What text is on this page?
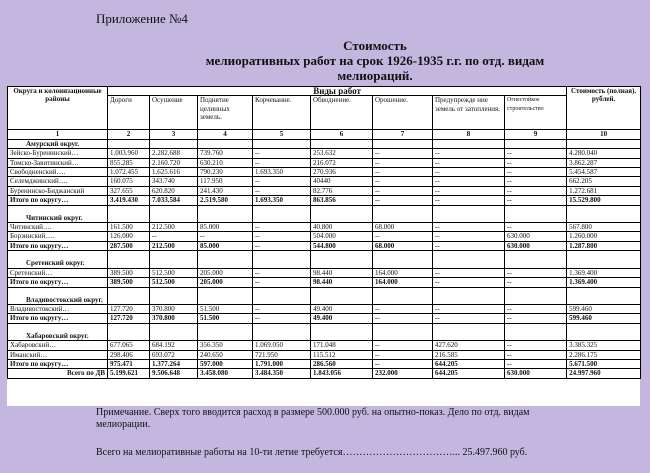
Приложение №4
Стоимость
мелиоративных работ на срок 1926-1935 г.г. по отд. видам
мелиораций.
Округа и колонизационные районы	Виды работ								Стоимость (полная). рублей.
	Дороги	Осушение	Поднятие целинных земель.	Корчевание.	Обводнение.	Орошение.	Предупрежде ние земель от затопления.	Огнестойкое строительство	
1	2	3	4	5	6	7	8	9	10
Амурский округ.									
Зейско-Буренинский…	1.003.960	2.282.688	739.760	--	253.632	--	--	--	4.280.040
Томско-Завитинский…	855.285	2.160.720	630.210	--	216.072	--	--	--	3.862.287
Свободненский….	1.072.455	1.625.616	790.230	1.693.350	270.936	--	--	--	5.454.587
Селемджинский….	160.075	343.740	117.950	--	40440	--	--	--	662.205
Буренинско-Биджанский	327.655	620.820	241.430	--	82.776	--	--	--	1.272.681
Итого по округу…	3.419.430	7.033.584	2.519.580	1.693.350	863.856	--	--	--	15.529.800
Читинский округ.									
Читинский….	161.500	212.500	85.000	--	40.800	68.000	--	--	567.800
Борзинский….	126.000	--	--	--	504.000	--	--	630.000	1.260.000
Итого по округу…	287.500	212.500	85.000	--	544.800	68.000	--	630.000	1.287.800
Сретенский округ.									
Сретенский…	389.500	512.500	205.000	--	98.440	164.000	--	--	1.369.400
Итого по округу…	389.500	512.500	205.000	--	98.440	164.000	--	--	1.369.400
Владивостокский округ.									
Владивостокский…	127.720	370.800	51.500	--	49.400	--	--	--	599.460
Итого по округу…	127.720	370.800	51.500	--	49.400	--	--	--	599.460
Хабаровский округ.									
Хабаровский…	677.065	684.192	356.350	1.069.050	171.048	--	427.620	--	3.385.325
Иманский…	298.406	693.072	240.650	721.950	115.512	--	216.585	--	2.286.175
Итого по округу…	975.471	1.377.264	597.000	1.791.000	286.560	--	644.205	--	5.671.500
Всего по ДВ	5.199.621	9.506.648	3.458.080	3.484.350	1.843.056	232.000	644.205	630.000	24.997.960
Примечание. Сверх того вводится расход в размере 500.000 руб. на опытно-показ. Дело по отд. видам мелиорации.
Всего на мелиоративные работы на 10-ти летие требуется……………………………... 25.497.960 руб.
